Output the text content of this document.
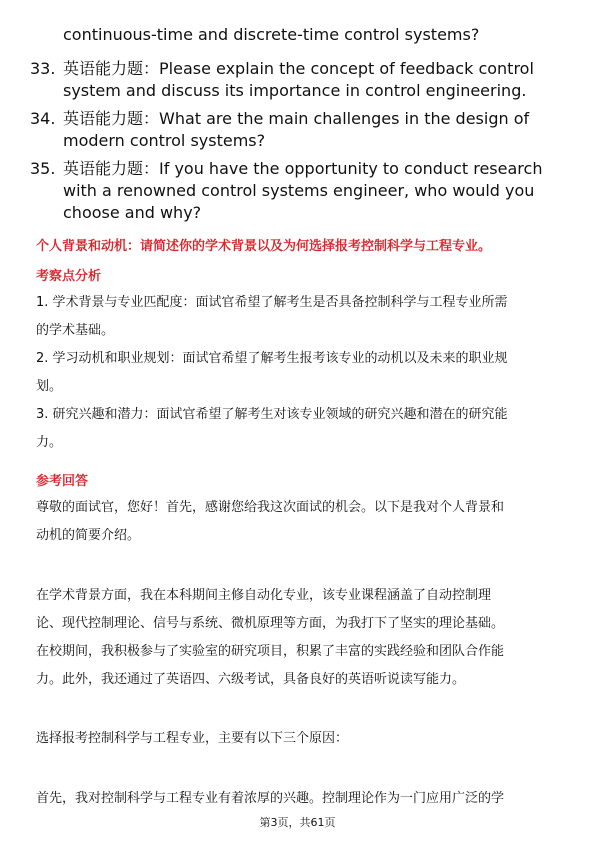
continuous-time and discrete-time control systems?
33. 英语能力题：Please explain the concept of feedback control
system and discuss its importance in control engineering.
34. 英语能力题：What are the main challenges in the design of
modern control systems?
35. 英语能力题：If you have the opportunity to conduct research
with a renowned control systems engineer, who would you
choose and why?
个人背景和动机：请简述你的学术背景以及为何选择报考控制科学与工程专业。
考察点分析
1. 学术背景与专业匹配度：面试官希望了解考生是否具备控制科学与工程专业所需
的学术基础。
2. 学习动机和职业规划：面试官希望了解考生报考该专业的动机以及未来的职业规
划。
3. 研究兴趣和潜力：面试官希望了解考生对该专业领域的研究兴趣和潜在的研究能
力。
参考回答
尊敬的面试官，您好！首先，感谢您给我这次面试的机会。以下是我对个人背景和
动机的简要介绍。
在学术背景方面，我在本科期间主修自动化专业，该专业课程涵盖了自动控制理
论、现代控制理论、信号与系统、微机原理等方面，为我打下了坚实的理论基础。
在校期间，我积极参与了实验室的研究项目，积累了丰富的实践经验和团队合作能
力。此外，我还通过了英语四、六级考试，具备良好的英语听说读写能力。
选择报考控制科学与工程专业，主要有以下三个原因：
首先，我对控制科学与工程专业有着浓厚的兴趣。控制理论作为一门应用广泛的学
第3页，共61页
